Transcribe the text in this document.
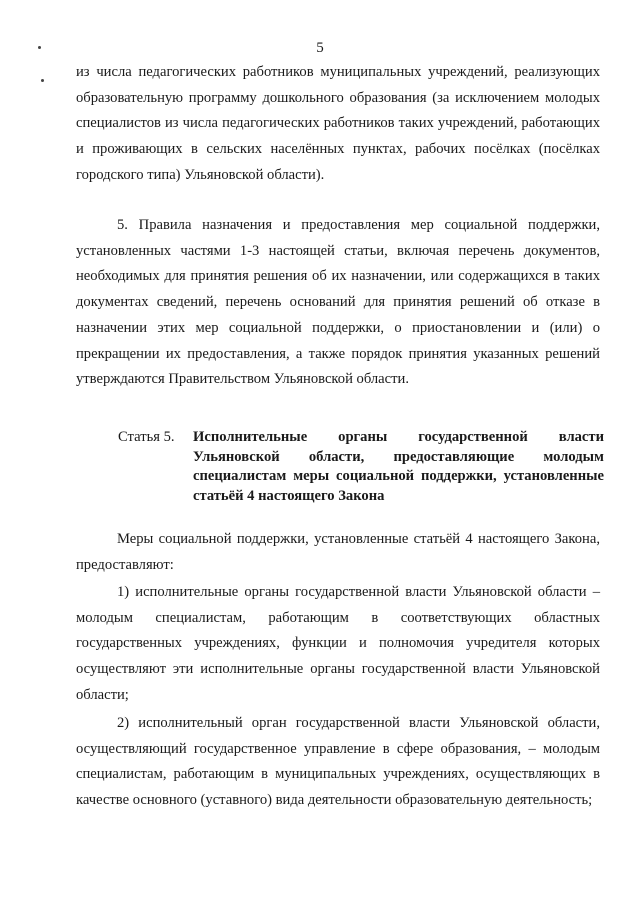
5

из числа педагогических работников муниципальных учреждений, реализующих образовательную программу дошкольного образования (за исключением молодых специалистов из числа педагогических работников таких учреждений, работающих и проживающих в сельских населённых пунктах, рабочих посёлках (посёлках городского типа) Ульяновской области).

5. Правила назначения и предоставления мер социальной поддержки, установленных частями 1-3 настоящей статьи, включая перечень документов, необходимых для принятия решения об их назначении, или содержащихся в таких документах сведений, перечень оснований для принятия решений об отказе в назначении этих мер социальной поддержки, о приостановлении и (или) о прекращении их предоставления, а также порядок принятия указанных решений утверждаются Правительством Ульяновской области.

Статья 5.	Исполнительные органы государственной власти Ульяновской области, предоставляющие молодым специалистам меры социальной поддержки, установленные статьёй 4 настоящего Закона

Меры социальной поддержки, установленные статьёй 4 настоящего Закона, предоставляют:

1) исполнительные органы государственной власти Ульяновской области – молодым специалистам, работающим в соответствующих областных государственных учреждениях, функции и полномочия учредителя которых осуществляют эти исполнительные органы государственной власти Ульяновской области;

2) исполнительный орган государственной власти Ульяновской области, осуществляющий государственное управление в сфере образования, – молодым специалистам, работающим в муниципальных учреждениях, осуществляющих в качестве основного (уставного) вида деятельности образовательную деятельность;
